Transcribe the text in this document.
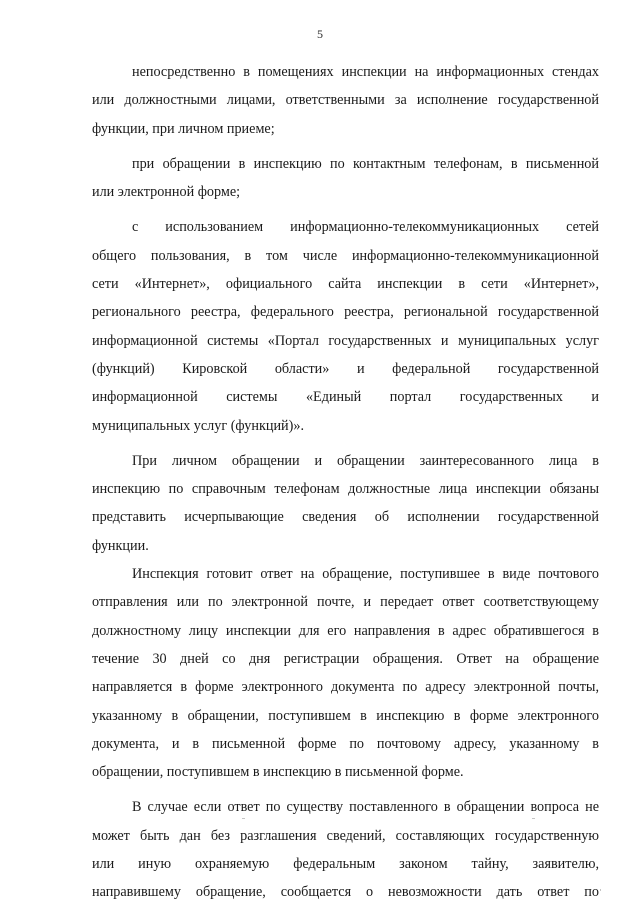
5
непосредственно в помещениях инспекции на информационных стендах
или должностными лицами, ответственными за исполнение государственной
функции, при личном приеме;
при обращении в инспекцию по контактным телефонам, в письменной
или электронной форме;
с использованием информационно-телекоммуникационных сетей
общего пользования, в том числе информационно-телекоммуникационной
сети «Интернет», официального сайта инспекции в сети «Интернет»,
регионального реестра, федерального реестра, региональной государственной
информационной системы «Портал государственных и муниципальных услуг
(функций) Кировской области» и федеральной государственной
информационной системы «Единый портал государственных и
муниципальных услуг (функций)».
При личном обращении и обращении заинтересованного лица в
инспекцию по справочным телефонам должностные лица инспекции обязаны
представить исчерпывающие сведения об исполнении государственной
функции.
Инспекция готовит ответ на обращение, поступившее в виде почтового
отправления или по электронной почте, и передает ответ соответствующему
должностному лицу инспекции для его направления в адрес обратившегося в
течение 30 дней со дня регистрации обращения. Ответ на обращение
направляется в форме электронного документа по адресу электронной почты,
указанному в обращении, поступившем в инспекцию в форме электронного
документа, и в письменной форме по почтовому адресу, указанному в
обращении, поступившем в инспекцию в письменной форме.
В случае если ответ по существу поставленного в обращении вопроса не
может быть дан без разглашения сведений, составляющих государственную
или иную охраняемую федеральным законом тайну, заявителю,
направившему обращение, сообщается о невозможности дать ответ по
